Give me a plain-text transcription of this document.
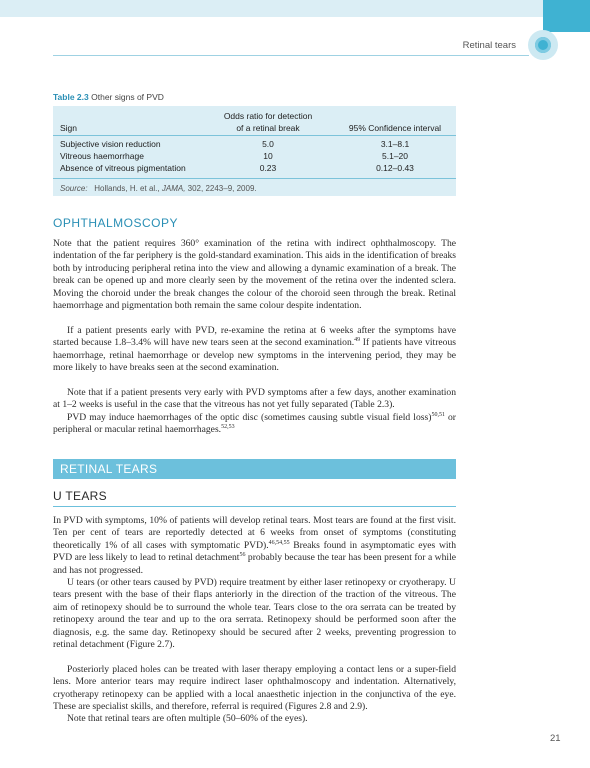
Retinal tears
Table 2.3 Other signs of PVD
Odds ratio for detection
Sign	of a retinal break	95% Confidence interval
Subjective vision reduction	5.0	3.1–8.1
Vitreous haemorrhage	10	5.1–20
Absence of vitreous pigmentation	0.23	0.12–0.43
Source: Hollands, H. et al., JAMA, 302, 2243–9, 2009.
OPHTHALMOSCOPY

Note that the patient requires 360° examination of the retina with indirect ophthalmoscopy. The indentation of the far periphery is the gold-standard examination. This aids in the identification of breaks both by introducing peripheral retina into the view and allowing a dynamic examination of a break. The break can be opened up and more clearly seen by the movement of the retina over the indented sclera. Moving the choroid under the break changes the colour of the choroid seen through the break. Retinal haemorrhage and pigmentation both remain the same colour despite indentation.

If a patient presents early with PVD, re-examine the retina at 6 weeks after the symptoms have started because 1.8–3.4% will have new tears seen at the second examination.$^{49}$ If patients have vitreous haemorrhage, retinal haemorrhage or develop new symptoms in the intervening period, they may be more likely to have breaks seen at the second examination.

Note that if a patient presents very early with PVD symptoms after a few days, another examination at 1–2 weeks is useful in the case that the vitreous has not yet fully separated (Table 2.3).

PVD may induce haemorrhages of the optic disc (sometimes causing subtle visual field loss)$^{50,51}$ or peripheral or macular retinal haemorrhages.$^{52,53}$

RETINAL TEARS
U TEARS

In PVD with symptoms, 10% of patients will develop retinal tears. Most tears are found at the first visit. Ten per cent of tears are reportedly detected at 6 weeks from onset of symptoms (constituting theoretically 1% of all cases with symptomatic PVD).$^{46,54,55}$ Breaks found in asymptomatic eyes with PVD are less likely to lead to retinal detachment$^{56}$ probably because the tear has been present for a while and has not progressed.

U tears (or other tears caused by PVD) require treatment by either laser retinopexy or cryotherapy. U tears present with the base of their flaps anteriorly in the direction of the traction of the vitreous. The aim of retinopexy should be to surround the whole tear. Tears close to the ora serrata can be treated by retinopexy around the tear and up to the ora serrata. Retinopexy should be performed soon after the diagnosis, e.g. the same day. Retinopexy should be secured after 2 weeks, preventing progression to retinal detachment (Figure 2.7).

Posteriorly placed holes can be treated with laser therapy employing a contact lens or a super-field lens. More anterior tears may require indirect laser ophthalmoscopy and indentation. Alternatively, cryotherapy retinopexy can be applied with a local anaesthetic injection in the conjunctiva of the eye. These are specialist skills, and therefore, referral is required (Figures 2.8 and 2.9).

Note that retinal tears are often multiple (50–60% of the eyes).

21
